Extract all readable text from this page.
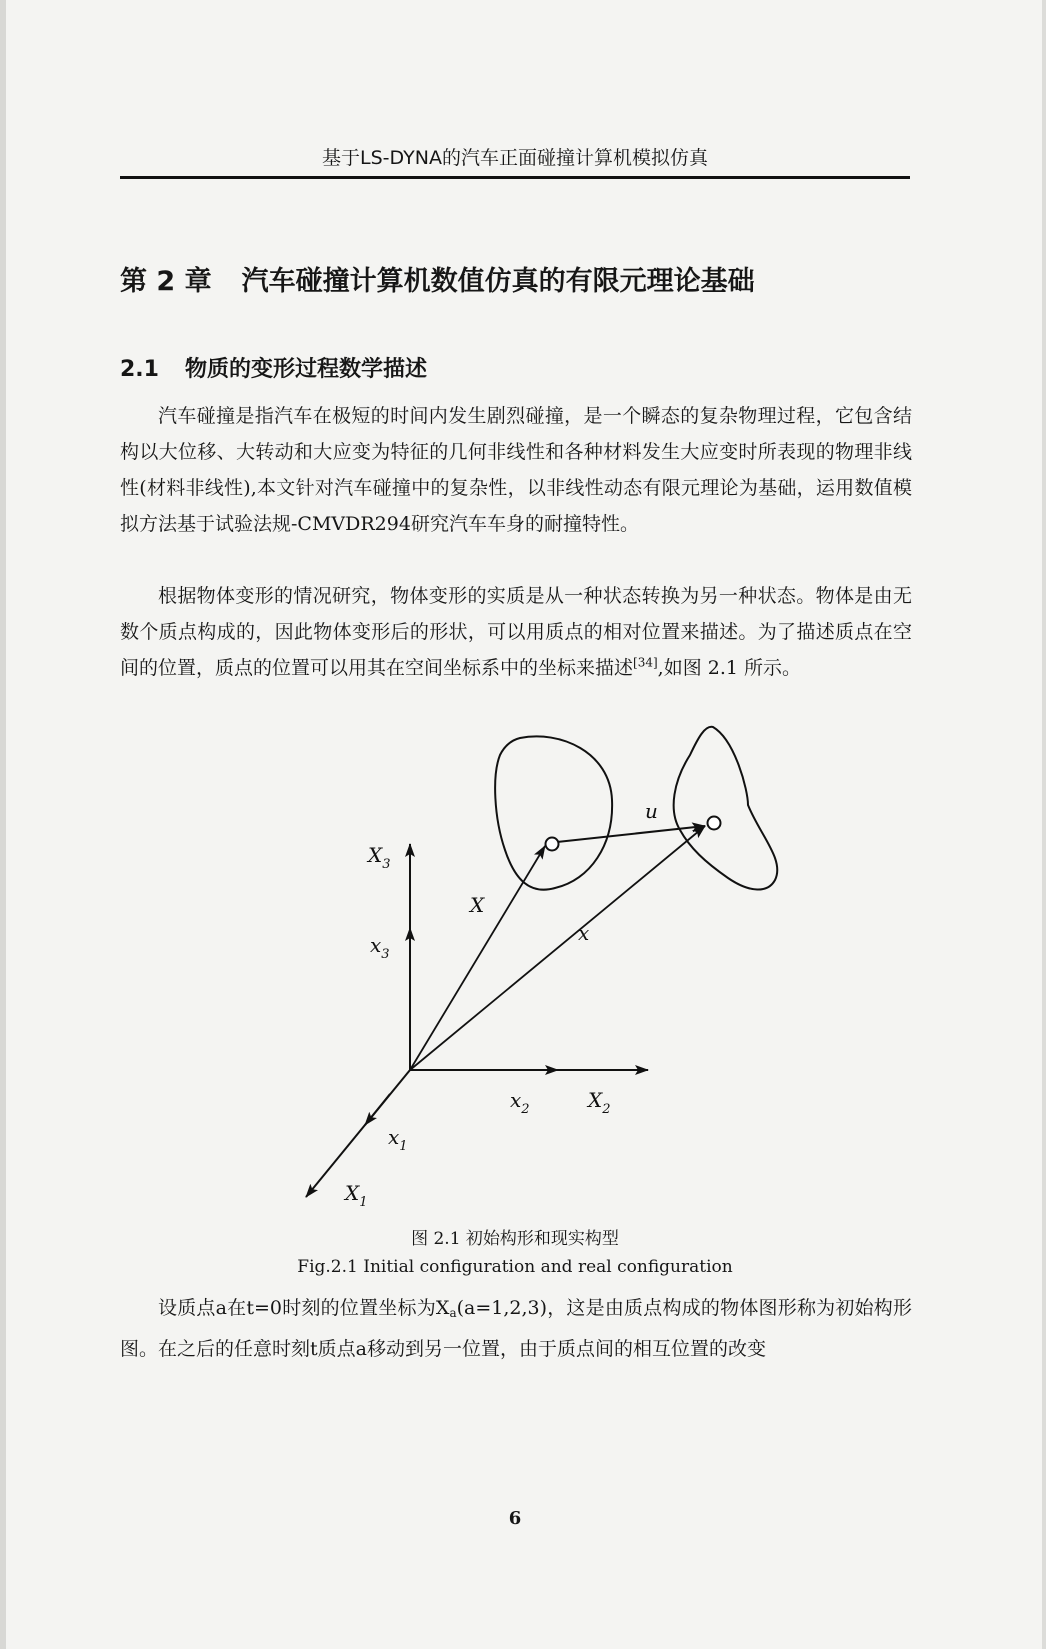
基于LS-DYNA的汽车正面碰撞计算机模拟仿真
第 2 章 汽车碰撞计算机数值仿真的有限元理论基础
2.1 物质的变形过程数学描述
汽车碰撞是指汽车在极短的时间内发生剧烈碰撞，是一个瞬态的复杂物理过程，它包含结构以大位移、大转动和大应变为特征的几何非线性和各种材料发生大应变时所表现的物理非线性(材料非线性),本文针对汽车碰撞中的复杂性，以非线性动态有限元理论为基础，运用数值模拟方法基于试验法规-CMVDR294研究汽车车身的耐撞特性。
根据物体变形的情况研究，物体变形的实质是从一种状态转换为另一种状态。物体是由无数个质点构成的，因此物体变形后的形状，可以用质点的相对位置来描述。为了描述质点在空间的位置，质点的位置可以用其在空间坐标系中的坐标来描述[34],如图 2.1 所示。
$X_3$
$x_3$
X
x
u
$x_2$	$X_2$
$x_1$
$X_1$
图 2.1 初始构形和现实构型
Fig.2.1 Initial configuration and real configuration
设质点a在t=0时刻的位置坐标为$X_a(a=1,2,3)$，这是由质点构成的物体图形称为初始构形图。在之后的任意时刻t质点a移动到另一位置，由于质点间的相互位置的改变
6
